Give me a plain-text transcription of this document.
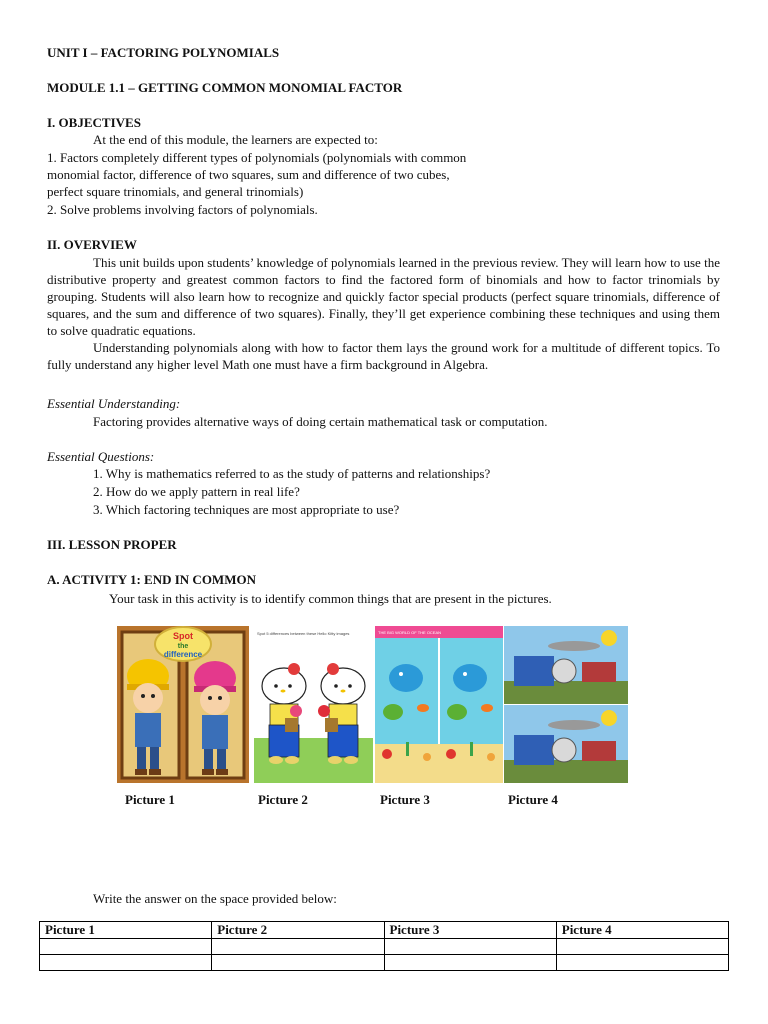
UNIT I – FACTORING POLYNOMIALS
MODULE 1.1 – GETTING COMMON MONOMIAL FACTOR
I. OBJECTIVES
At the end of this module, the learners are expected to:
1. Factors completely different types of polynomials (polynomials with common
monomial factor, difference of two squares, sum and difference of two cubes,
perfect square trinomials, and general trinomials)
2. Solve problems involving factors of polynomials.
II. OVERVIEW

This unit builds upon students’ knowledge of polynomials learned in the previous review. They will learn how to use the distributive property and greatest common factors to find the factored form of binomials and how to factor trinomials by grouping. Students will also learn how to recognize and quickly factor special products (perfect square trinomials, difference of squares, and the sum and difference of two squares). Finally, they’ll get experience combining these techniques and using them to solve quadratic equations.

Understanding polynomials along with how to factor them lays the ground work for a multitude of different topics. To fully understand any higher level Math one must have a firm background in Algebra.

Essential Understanding:
Factoring provides alternative ways of doing certain mathematical task or computation.
Essential Questions:
1. Why is mathematics referred to as the study of patterns and relationships?
2. How do we apply pattern in real life?
3. Which factoring techniques are most appropriate to use?
III. LESSON PROPER
A. ACTIVITY 1: END IN COMMON
Your task in this activity is to identify common things that are present in the pictures.
Spot
the
difference
Spot 5 differences between these Hello Kitty images	THE BIG WORLD OF THE OCEAN
Picture 1	Picture 2	Picture 3	Picture 4
Write the answer on the space provided below:
Picture 1	Picture 2	Picture 3	Picture 4
